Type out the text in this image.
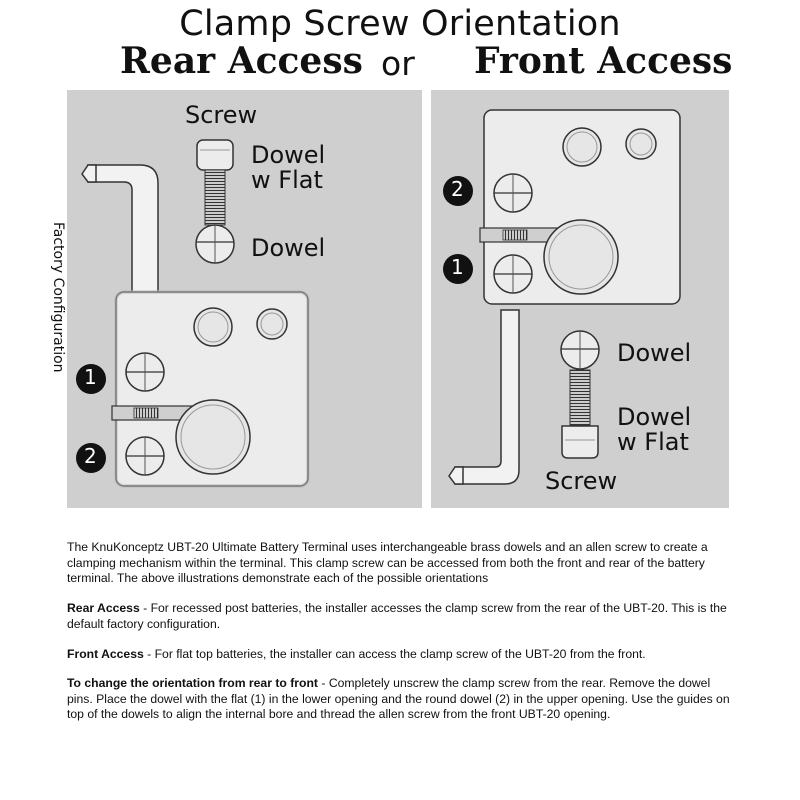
Clamp Screw Orientation
Rear Access or Front Access
Factory Configuration
1
2
2
1
Screw
Dowel
w Flat
Dowel
Dowel
Dowel
w Flat
Screw
The KnuKonceptz UBT-20 Ultimate Battery Terminal uses interchangeable brass dowels and an allen screw to create a clamping mechanism within the terminal. This clamp screw can be accessed from both the front and rear of the battery terminal. The above illustrations demonstrate each of the possible orientations
Rear Access - For recessed post batteries, the installer accesses the clamp screw from the rear of the UBT-20. This is the default factory configuration.
Front Access - For flat top batteries, the installer can access the clamp screw of the UBT-20 from the front.
To change the orientation from rear to front - Completely unscrew the clamp screw from the rear. Remove the dowel pins. Place the dowel with the flat (1) in the lower opening and the round dowel (2) in the upper opening. Use the guides on top of the dowels to align the internal bore and thread the allen screw from the front UBT-20 opening.
